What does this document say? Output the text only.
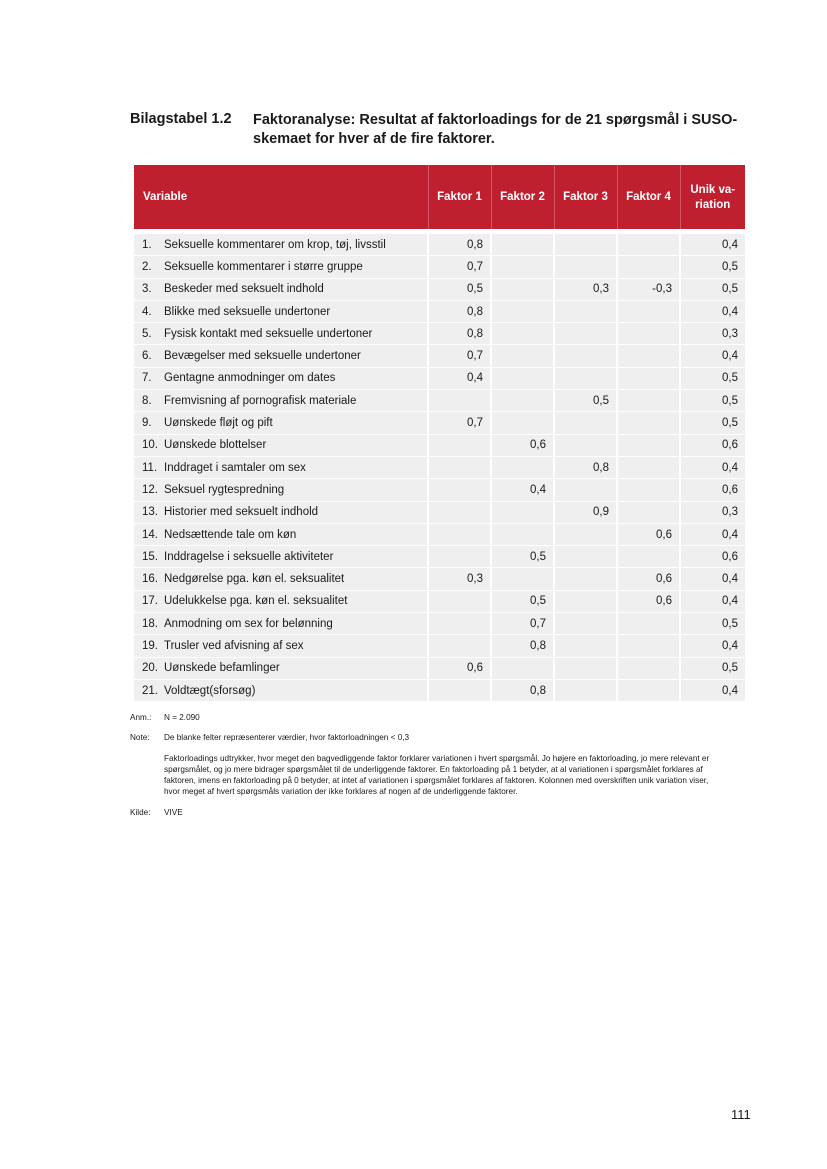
Bilagstabel 1.2 Faktoranalyse: Resultat af faktorloadings for de 21 spørgsmål i SUSO-skemaet for hver af de fire faktorer.
Variable	Faktor 1	Faktor 2	Faktor 3	Faktor 4	Unik va-riation
1. Seksuelle kommentarer om krop, tøj, livsstil	0,8				0,4
2. Seksuelle kommentarer i større gruppe	0,7				0,5
3. Beskeder med seksuelt indhold	0,5		0,3	-0,3	0,5
4. Blikke med seksuelle undertoner	0,8				0,4
5. Fysisk kontakt med seksuelle undertoner	0,8				0,3
6. Bevægelser med seksuelle undertoner	0,7				0,4
7. Gentagne anmodninger om dates	0,4				0,5
8. Fremvisning af pornografisk materiale			0,5		0,5
9. Uønskede fløjt og pift	0,7				0,5
10. Uønskede blottelser		0,6			0,6
11. Inddraget i samtaler om sex			0,8		0,4
12. Seksuel rygtespredning		0,4			0,6
13. Historier med seksuelt indhold			0,9		0,3
14. Nedsættende tale om køn				0,6	0,4
15. Inddragelse i seksuelle aktiviteter		0,5			0,6
16. Nedgørelse pga. køn el. seksualitet	0,3			0,6	0,4
17. Udelukkelse pga. køn el. seksualitet		0,5		0,6	0,4
18. Anmodning om sex for belønning		0,7			0,5
19. Trusler ved afvisning af sex		0,8			0,4
20. Uønskede befamlinger	0,6				0,5
21. Voldtægt(sforsøg)		0,8			0,4
Anm.:	N = 2.090
Note:	De blanke felter repræsenterer værdier, hvor faktorloadningen < 0,3
Faktorloadings udtrykker, hvor meget den bagvedliggende faktor forklarer variationen i hvert spørgsmål. Jo højere en faktorloading, jo mere relevant er spørgsmålet, og jo mere bidrager spørgsmålet til de underliggende faktorer. En faktorloading på 1 betyder, at al variationen i spørgsmålet forklares af faktoren, imens en faktorloading på 0 betyder, at intet af variationen i spørgsmålet forklares af faktoren. Kolonnen med overskriften unik variation viser, hvor meget af hvert spørgsmåls variation der ikke forklares af nogen af de underliggende faktorer.
Kilde:	VIVE
111
